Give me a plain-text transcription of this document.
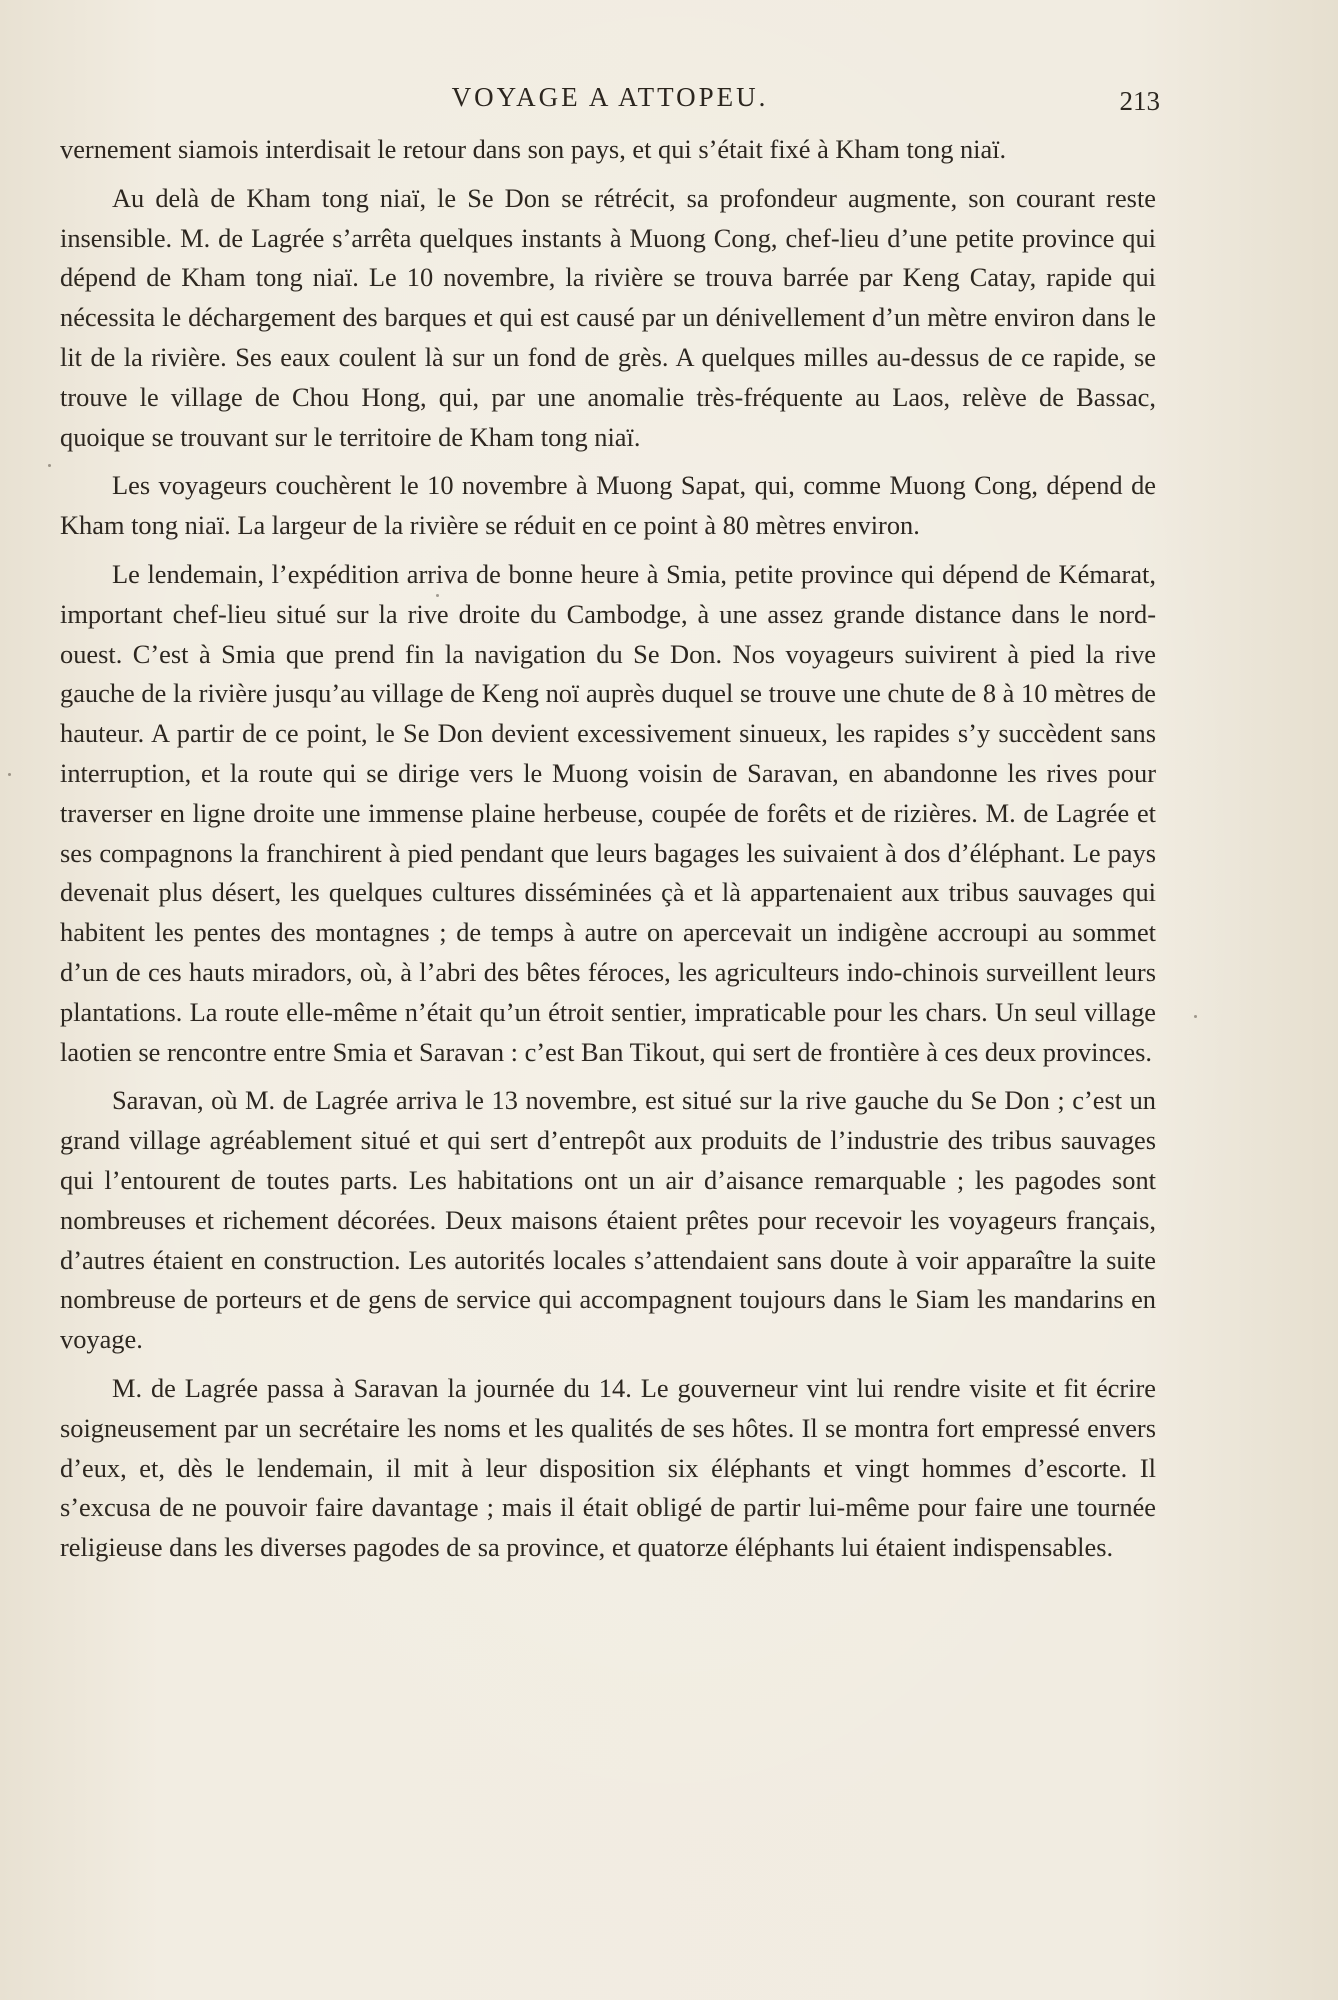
VOYAGE A ATTOPEU.	213

vernement siamois interdisait le retour dans son pays, et qui s’était fixé à Kham tong niaï.

Au delà de Kham tong niaï, le Se Don se rétrécit, sa profondeur augmente, son courant reste insensible. M. de Lagrée s’arrêta quelques instants à Muong Cong, chef-lieu d’une petite province qui dépend de Kham tong niaï. Le 10 novembre, la rivière se trouva barrée par Keng Catay, rapide qui nécessita le déchargement des barques et qui est causé par un dénivellement d’un mètre environ dans le lit de la rivière. Ses eaux coulent là sur un fond de grès. A quelques milles au-dessus de ce rapide, se trouve le village de Chou Hong, qui, par une anomalie très-fréquente au Laos, relève de Bassac, quoique se trouvant sur le territoire de Kham tong niaï.

Les voyageurs couchèrent le 10 novembre à Muong Sapat, qui, comme Muong Cong, dépend de Kham tong niaï. La largeur de la rivière se réduit en ce point à 80 mètres environ.

Le lendemain, l’expédition arriva de bonne heure à Smia, petite province qui dépend de Kémarat, important chef-lieu situé sur la rive droite du Cambodge, à une assez grande distance dans le nord-ouest. C’est à Smia que prend fin la navigation du Se Don. Nos voyageurs suivirent à pied la rive gauche de la rivière jusqu’au village de Keng noï auprès duquel se trouve une chute de 8 à 10 mètres de hauteur. A partir de ce point, le Se Don devient excessivement sinueux, les rapides s’y succèdent sans interruption, et la route qui se dirige vers le Muong voisin de Saravan, en abandonne les rives pour traverser en ligne droite une immense plaine herbeuse, coupée de forêts et de rizières. M. de Lagrée et ses compagnons la franchirent à pied pendant que leurs bagages les suivaient à dos d’éléphant. Le pays devenait plus désert, les quelques cultures disséminées çà et là appartenaient aux tribus sauvages qui habitent les pentes des montagnes ; de temps à autre on apercevait un indigène accroupi au sommet d’un de ces hauts miradors, où, à l’abri des bêtes féroces, les agriculteurs indo-chinois surveillent leurs plantations. La route elle-même n’était qu’un étroit sentier, impraticable pour les chars. Un seul village laotien se rencontre entre Smia et Saravan : c’est Ban Tikout, qui sert de frontière à ces deux provinces.

Saravan, où M. de Lagrée arriva le 13 novembre, est situé sur la rive gauche du Se Don ; c’est un grand village agréablement situé et qui sert d’entrepôt aux produits de l’industrie des tribus sauvages qui l’entourent de toutes parts. Les habitations ont un air d’aisance remarquable ; les pagodes sont nombreuses et richement décorées. Deux maisons étaient prêtes pour recevoir les voyageurs français, d’autres étaient en construction. Les autorités locales s’attendaient sans doute à voir apparaître la suite nombreuse de porteurs et de gens de service qui accompagnent toujours dans le Siam les mandarins en voyage.

M. de Lagrée passa à Saravan la journée du 14. Le gouverneur vint lui rendre visite et fit écrire soigneusement par un secrétaire les noms et les qualités de ses hôtes. Il se montra fort empressé envers d’eux, et, dès le lendemain, il mit à leur disposition six éléphants et vingt hommes d’escorte. Il s’excusa de ne pouvoir faire davantage ; mais il était obligé de partir lui-même pour faire une tournée religieuse dans les diverses pagodes de sa province, et quatorze éléphants lui étaient indispensables.
